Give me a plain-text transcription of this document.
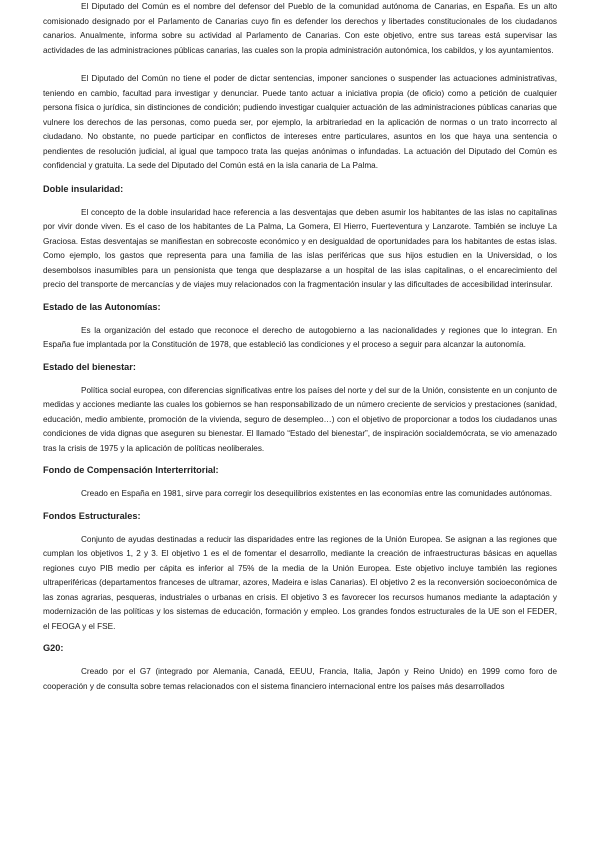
El Diputado del Común es el nombre del defensor del Pueblo de la comunidad autónoma de Canarias, en España. Es un alto comisionado designado por el Parlamento de Canarias cuyo fin es defender los derechos y libertades constitucionales de los ciudadanos canarios. Anualmente, informa sobre su actividad al Parlamento de Canarias. Con este objetivo, entre sus tareas está supervisar las actividades de las administraciones públicas canarias, las cuales son la propia administración autonómica, los cabildos, y los ayuntamientos.

El Diputado del Común no tiene el poder de dictar sentencias, imponer sanciones o suspender las actuaciones administrativas, teniendo en cambio, facultad para investigar y denunciar. Puede tanto actuar a iniciativa propia (de oficio) como a petición de cualquier persona física o jurídica, sin distinciones de condición; pudiendo investigar cualquier actuación de las administraciones públicas canarias que vulnere los derechos de las personas, como pueda ser, por ejemplo, la arbitrariedad en la aplicación de normas o un trato incorrecto al ciudadano. No obstante, no puede participar en conflictos de intereses entre particulares, asuntos en los que haya una sentencia o pendientes de resolución judicial, al igual que tampoco trata las quejas anónimas o infundadas. La actuación del Diputado del Común es confidencial y gratuita. La sede del Diputado del Común está en la isla canaria de La Palma.

Doble insularidad:

El concepto de la doble insularidad hace referencia a las desventajas que deben asumir los habitantes de las islas no capitalinas por vivir donde viven. Es el caso de los habitantes de La Palma, La Gomera, El Hierro, Fuerteventura y Lanzarote. También se incluye La Graciosa. Estas desventajas se manifiestan en sobrecoste económico y en desigualdad de oportunidades para los habitantes de estas islas. Como ejemplo, los gastos que representa para una familia de las islas periféricas que sus hijos estudien en la Universidad, o los desembolsos inasumibles para un pensionista que tenga que desplazarse a un hospital de las islas capitalinas, o el encarecimiento del precio del transporte de mercancías y de viajes muy relacionados con la fragmentación insular y las dificultades de accesibilidad interinsular.

Estado de las Autonomías:

Es la organización del estado que reconoce el derecho de autogobierno a las nacionalidades y regiones que lo integran. En España fue implantada por la Constitución de 1978, que estableció las condiciones y el proceso a seguir para alcanzar la autonomía.

Estado del bienestar:

Política social europea, con diferencias significativas entre los países del norte y del sur de la Unión, consistente en un conjunto de medidas y acciones mediante las cuales los gobiernos se han responsabilizado de un número creciente de servicios y prestaciones (sanidad, educación, medio ambiente, promoción de la vivienda, seguro de desempleo…) con el objetivo de proporcionar a todos los ciudadanos unas condiciones de vida dignas que aseguren su bienestar. El llamado “Estado del bienestar”, de inspiración socialdemócrata, se vio amenazado tras la crisis de 1975 y la aplicación de políticas neoliberales.

Fondo de Compensación Interterritorial:

Creado en España en 1981, sirve para corregir los desequilibrios existentes en las economías entre las comunidades autónomas.

Fondos Estructurales:

Conjunto de ayudas destinadas a reducir las disparidades entre las regiones de la Unión Europea. Se asignan a las regiones que cumplan los objetivos 1, 2 y 3. El objetivo 1 es el de fomentar el desarrollo, mediante la creación de infraestructuras básicas en aquellas regiones cuyo PIB medio per cápita es inferior al 75% de la media de la Unión Europea. Este objetivo incluye también las regiones ultraperiféricas (departamentos franceses de ultramar, azores, Madeira e islas Canarias). El objetivo 2 es la reconversión socioeconómica de las zonas agrarias, pesqueras, industriales o urbanas en crisis. El objetivo 3 es favorecer los recursos humanos mediante la adaptación y modernización de las políticas y los sistemas de educación, formación y empleo. Los grandes fondos estructurales de la UE son el FEDER, el FEOGA y el FSE.

G20:

Creado por el G7 (integrado por Alemania, Canadá, EEUU, Francia, Italia, Japón y Reino Unido) en 1999 como foro de cooperación y de consulta sobre temas relacionados con el sistema financiero internacional entre los países más desarrollados
